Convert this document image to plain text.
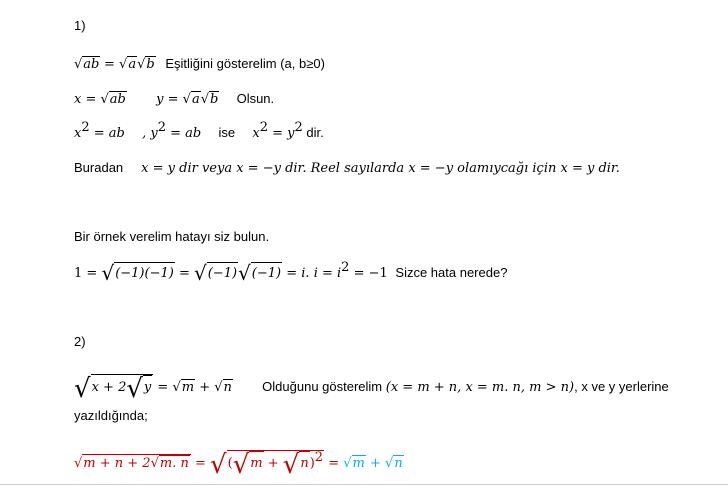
1)
√ab = √a√b Eşitliğini gösterelim (a, b≥0)
x = √ab y = √a√b Olsun.
$x^2$ = ab , $y^2$ = ab ise $x^2 = y^2$ dir.
Buradan x = y dir veya x = −y dir. Reel sayılarda x = −y olamıycağı için x = y dir.
Bir örnek verelim hatayı siz bulun.
1 = √(−1)(−1) = √(−1)√(−1) = i. $i = i^2 = -1$ Sizce hata nerede?
2)
√x + 2√y = √m + √n Olduğunu gösterelim (x = m + n, x = m. n, m > n), x ve y yerlerine
yazıldığında;
√m + n + 2√m. $n = √(√m + √n)^2 = √m + √n$
